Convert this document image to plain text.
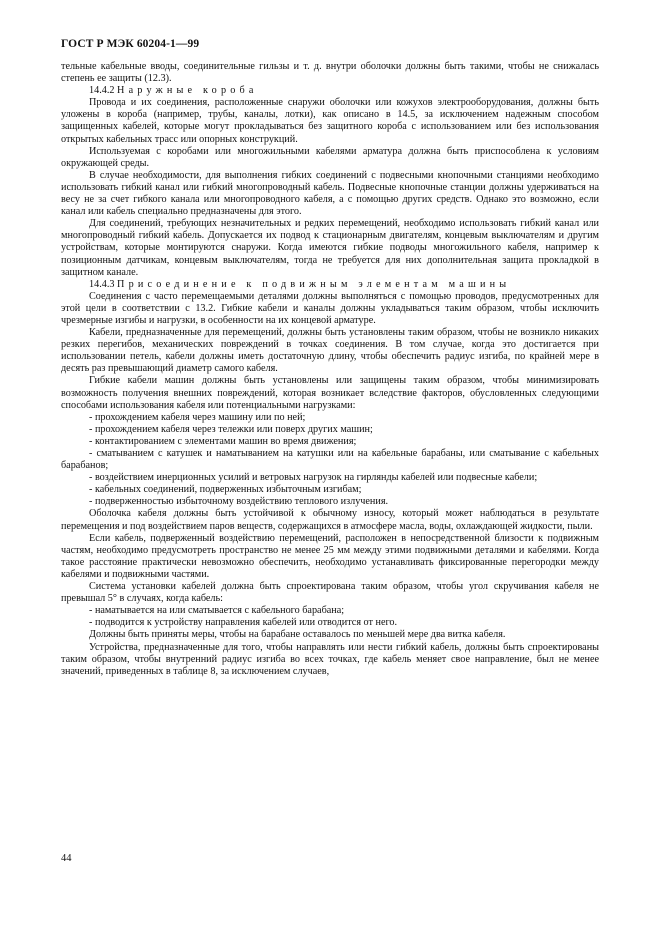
ГОСТ Р МЭК 60204-1—99

тельные кабельные вводы, соединительные гильзы и т. д. внутри оболочки должны быть такими, чтобы не снижалась степень ее защиты (12.3).

14.4.2 Наружные короба

Провода и их соединения, расположенные снаружи оболочки или кожухов электрооборудования, должны быть уложены в короба (например, трубы, каналы, лотки), как описано в 14.5, за исключением надежным способом защищенных кабелей, которые могут прокладываться без защитного короба с использованием или без использования открытых кабельных трасс или опорных конструкций.

Используемая с коробами или многожильными кабелями арматура должна быть приспособлена к условиям окружающей среды.

В случае необходимости, для выполнения гибких соединений с подвесными кнопочными станциями необходимо использовать гибкий канал или гибкий многопроводный кабель. Подвесные кнопочные станции должны удерживаться на весу не за счет гибкого канала или многопроводного кабеля, а с помощью других средств. Однако это возможно, если канал или кабель специально предназначены для этого.

Для соединений, требующих незначительных и редких перемещений, необходимо использовать гибкий канал или многопроводный гибкий кабель. Допускается их подвод к стационарным двигателям, концевым выключателям и другим устройствам, которые монтируются снаружи. Когда имеются гибкие подводы многожильного кабеля, например к позиционным датчикам, концевым выключателям, тогда не требуется для них дополнительная защита прокладкой в защитном канале.

14.4.3 Присоединение к подвижным элементам машины

Соединения с часто перемещаемыми деталями должны выполняться с помощью проводов, предусмотренных для этой цели в соответствии с 13.2. Гибкие кабели и каналы должны укладываться таким образом, чтобы исключить чрезмерные изгибы и нагрузки, в особенности на их концевой арматуре.

Кабели, предназначенные для перемещений, должны быть установлены таким образом, чтобы не возникло никаких резких перегибов, механических повреждений в точках соединения. В том случае, когда это достигается при использовании петель, кабели должны иметь достаточную длину, чтобы обеспечить радиус изгиба, по крайней мере в десять раз превышающий диаметр самого кабеля.

Гибкие кабели машин должны быть установлены или защищены таким образом, чтобы минимизировать возможность получения внешних повреждений, которая возникает вследствие факторов, обусловленных следующими способами использования кабеля или потенциальными нагрузками:

- прохождением кабеля через машину или по ней;

- прохождением кабеля через тележки или поверх других машин;

- контактированием с элементами машин во время движения;

- сматыванием с катушек и наматыванием на катушки или на кабельные барабаны, или сматывание с кабельных барабанов;

- воздействием инерционных усилий и ветровых нагрузок на гирлянды кабелей или подвесные кабели;

- кабельных соединений, подверженных избыточным изгибам;

- подверженностью избыточному воздействию теплового излучения.

Оболочка кабеля должны быть устойчивой к обычному износу, который может наблюдаться в результате перемещения и под воздействием паров веществ, содержащихся в атмосфере масла, воды, охлаждающей жидкости, пыли.

Если кабель, подверженный воздействию перемещений, расположен в непосредственной близости к подвижным частям, необходимо предусмотреть пространство не менее 25 мм между этими подвижными деталями и кабелями. Когда такое расстояние практически невозможно обеспечить, необходимо устанавливать фиксированные перегородки между кабелями и подвижными частями.

Система установки кабелей должна быть спроектирована таким образом, чтобы угол скручивания кабеля не превышал 5° в случаях, когда кабель:

- наматывается на или сматывается с кабельного барабана;

- подводится к устройству направления кабелей или отводится от него.

Должны быть приняты меры, чтобы на барабане оставалось по меньшей мере два витка кабеля.

Устройства, предназначенные для того, чтобы направлять или нести гибкий кабель, должны быть спроектированы таким образом, чтобы внутренний радиус изгиба во всех точках, где кабель меняет свое направление, был не менее значений, приведенных в таблице 8, за исключением случаев,

44
